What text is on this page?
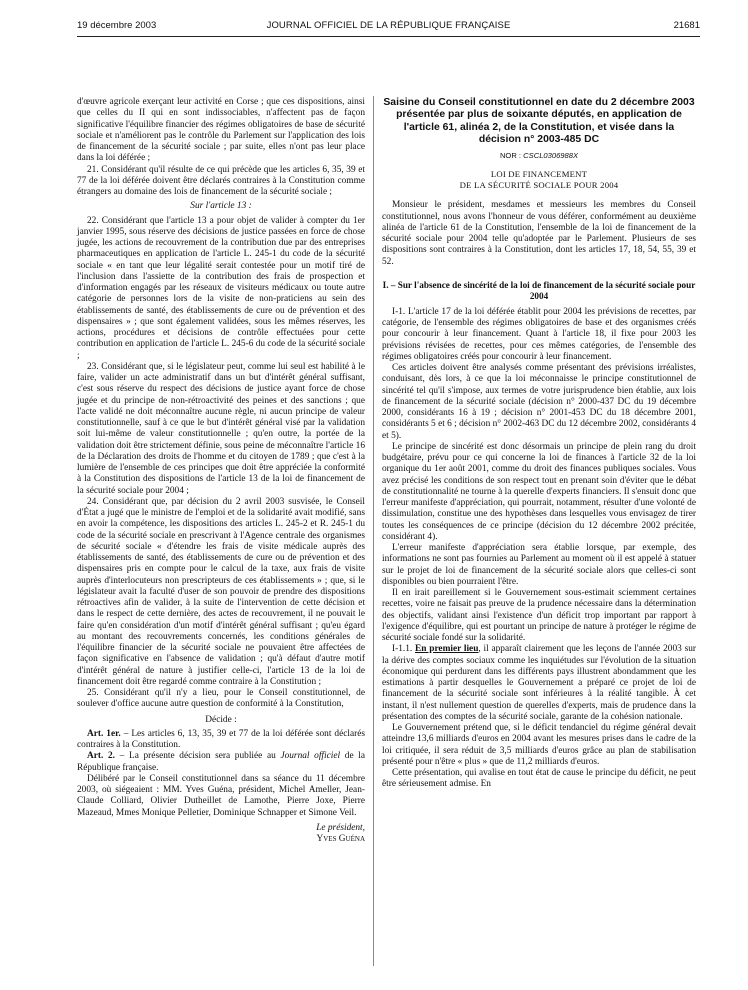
19 décembre 2003	JOURNAL OFFICIEL DE LA RÉPUBLIQUE FRANÇAISE	21681

d'œuvre agricole exerçant leur activité en Corse ; que ces dispositions, ainsi que celles du II qui en sont indissociables, n'affectent pas de façon significative l'équilibre financier des régimes obligatoires de base de sécurité sociale et n'améliorent pas le contrôle du Parlement sur l'application des lois de financement de la sécurité sociale ; par suite, elles n'ont pas leur place dans la loi déférée ;

21. Considérant qu'il résulte de ce qui précède que les articles 6, 35, 39 et 77 de la loi déférée doivent être déclarés contraires à la Constitution comme étrangers au domaine des lois de financement de la sécurité sociale ;

Sur l'article 13 :

22. Considérant que l'article 13 a pour objet de valider à compter du 1er janvier 1995, sous réserve des décisions de justice passées en force de chose jugée, les actions de recouvrement de la contribution due par des entreprises pharmaceutiques en application de l'article L. 245-1 du code de la sécurité sociale « en tant que leur légalité serait contestée pour un motif tiré de l'inclusion dans l'assiette de la contribution des frais de prospection et d'information engagés par les réseaux de visiteurs médicaux ou toute autre catégorie de personnes lors de la visite de non-praticiens au sein des établissements de santé, des établissements de cure ou de prévention et des dispensaires » ; que sont également validées, sous les mêmes réserves, les actions, procédures et décisions de contrôle effectuées pour cette contribution en application de l'article L. 245-6 du code de la sécurité sociale ;

23. Considérant que, si le législateur peut, comme lui seul est habilité à le faire, valider un acte administratif dans un but d'intérêt général suffisant, c'est sous réserve du respect des décisions de justice ayant force de chose jugée et du principe de non-rétroactivité des peines et des sanctions ; que l'acte validé ne doit méconnaître aucune règle, ni aucun principe de valeur constitutionnelle, sauf à ce que le but d'intérêt général visé par la validation soit lui-même de valeur constitutionnelle ; qu'en outre, la portée de la validation doit être strictement définie, sous peine de méconnaître l'article 16 de la Déclaration des droits de l'homme et du citoyen de 1789 ; que c'est à la lumière de l'ensemble de ces principes que doit être appréciée la conformité à la Constitution des dispositions de l'article 13 de la loi de financement de la sécurité sociale pour 2004 ;

24. Considérant que, par décision du 2 avril 2003 susvisée, le Conseil d'État a jugé que le ministre de l'emploi et de la solidarité avait modifié, sans en avoir la compétence, les dispositions des articles L. 245-2 et R. 245-1 du code de la sécurité sociale en prescrivant à l'Agence centrale des organismes de sécurité sociale « d'étendre les frais de visite médicale auprès des établissements de santé, des établissements de cure ou de prévention et des dispensaires pris en compte pour le calcul de la taxe, aux frais de visite auprès d'interlocuteurs non prescripteurs de ces établissements » ; que, si le législateur avait la faculté d'user de son pouvoir de prendre des dispositions rétroactives afin de valider, à la suite de l'intervention de cette décision et dans le respect de cette dernière, des actes de recouvrement, il ne pouvait le faire qu'en considération d'un motif d'intérêt général suffisant ; qu'eu égard au montant des recouvrements concernés, les conditions générales de l'équilibre financier de la sécurité sociale ne pouvaient être affectées de façon significative en l'absence de validation ; qu'à défaut d'autre motif d'intérêt général de nature à justifier celle-ci, l'article 13 de la loi de financement doit être regardé comme contraire à la Constitution ;

25. Considérant qu'il n'y a lieu, pour le Conseil constitutionnel, de soulever d'office aucune autre question de conformité à la Constitution,

Décide :

Art. 1er. – Les articles 6, 13, 35, 39 et 77 de la loi déférée sont déclarés contraires à la Constitution.

Art. 2. – La présente décision sera publiée au Journal officiel de la République française.

Délibéré par le Conseil constitutionnel dans sa séance du 11 décembre 2003, où siégeaient : MM. Yves Guéna, président, Michel Ameller, Jean-Claude Colliard, Olivier Dutheillet de Lamothe, Pierre Joxe, Pierre Mazeaud, Mmes Monique Pelletier, Dominique Schnapper et Simone Veil.

Le président,

Yves Guéna

Saisine du Conseil constitutionnel en date du 2 décembre 2003 présentée par plus de soixante députés, en application de l'article 61, alinéa 2, de la Constitution, et visée dans la décision n° 2003-485 DC
NOR : CSCL0306988X
LOI DE FINANCEMENT
DE LA SÉCURITÉ SOCIALE POUR 2004

Monsieur le président, mesdames et messieurs les membres du Conseil constitutionnel, nous avons l'honneur de vous déférer, conformément au deuxième alinéa de l'article 61 de la Constitution, l'ensemble de la loi de financement de la sécurité sociale pour 2004 telle qu'adoptée par le Parlement. Plusieurs de ses dispositions sont contraires à la Constitution, dont les articles 17, 18, 54, 55, 39 et 52.

I. – Sur l'absence de sincérité de la loi de financement de la sécurité sociale pour 2004

I-1. L'article 17 de la loi déférée établit pour 2004 les prévisions de recettes, par catégorie, de l'ensemble des régimes obligatoires de base et des organismes créés pour concourir à leur financement. Quant à l'article 18, il fixe pour 2003 les prévisions révisées de recettes, pour ces mêmes catégories, de l'ensemble des régimes obligatoires créés pour concourir à leur financement.

Ces articles doivent être analysés comme présentant des prévisions irréalistes, conduisant, dès lors, à ce que la loi méconnaisse le principe constitutionnel de sincérité tel qu'il s'impose, aux termes de votre jurisprudence bien établie, aux lois de financement de la sécurité sociale (décision n° 2000-437 DC du 19 décembre 2000, considérants 16 à 19 ; décision n° 2001-453 DC du 18 décembre 2001, considérants 5 et 6 ; décision n° 2002-463 DC du 12 décembre 2002, considérants 4 et 5).

Le principe de sincérité est donc désormais un principe de plein rang du droit budgétaire, prévu pour ce qui concerne la loi de finances à l'article 32 de la loi organique du 1er août 2001, comme du droit des finances publiques sociales. Vous avez précisé les conditions de son respect tout en prenant soin d'éviter que le débat de constitutionnalité ne tourne à la querelle d'experts financiers. Il s'ensuit donc que l'erreur manifeste d'appréciation, qui pourrait, notamment, résulter d'une volonté de dissimulation, constitue une des hypothèses dans lesquelles vous envisagez de tirer toutes les conséquences de ce principe (décision du 12 décembre 2002 précitée, considérant 4).

L'erreur manifeste d'appréciation sera établie lorsque, par exemple, des informations ne sont pas fournies au Parlement au moment où il est appelé à statuer sur le projet de loi de financement de la sécurité sociale alors que celles-ci sont disponibles ou bien pourraient l'être.

Il en irait pareillement si le Gouvernement sous-estimait sciemment certaines recettes, voire ne faisait pas preuve de la prudence nécessaire dans la détermination des objectifs, validant ainsi l'existence d'un déficit trop important par rapport à l'exigence d'équilibre, qui est pourtant un principe de nature à protéger le régime de sécurité sociale fondé sur la solidarité.

I-1.1. En premier lieu, il apparaît clairement que les leçons de l'année 2003 sur la dérive des comptes sociaux comme les inquiétudes sur l'évolution de la situation économique qui perdurent dans les différents pays illustrent abondamment que les estimations à partir desquelles le Gouvernement a préparé ce projet de loi de financement de la sécurité sociale sont inférieures à la réalité tangible. À cet instant, il n'est nullement question de querelles d'experts, mais de prudence dans la présentation des comptes de la sécurité sociale, garante de la cohésion nationale.

Le Gouvernement prétend que, si le déficit tendanciel du régime général devait atteindre 13,6 milliards d'euros en 2004 avant les mesures prises dans le cadre de la loi critiquée, il sera réduit de 3,5 milliards d'euros grâce au plan de stabilisation présenté pour n'être « plus » que de 11,2 milliards d'euros.

Cette présentation, qui avalise en tout état de cause le principe du déficit, ne peut être sérieusement admise. En
